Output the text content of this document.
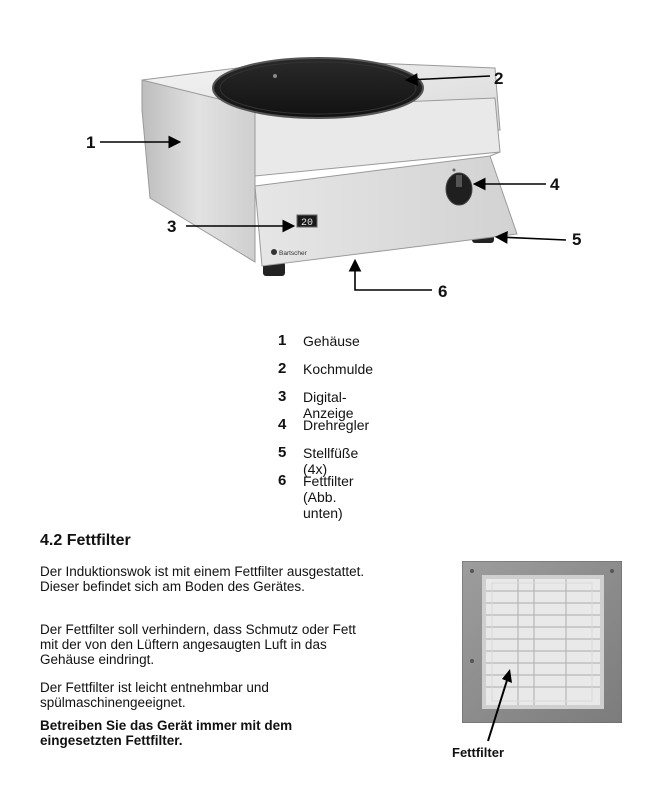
20
Bartscher
1
2
3
4
5
6
1 Gehäuse
2 Kochmulde
3 Digital-Anzeige
4 Drehregler
5 Stellfüße (4x)
6 Fettfilter (Abb. unten)
4.2 Fettfilter
Der Induktionswok ist mit einem Fettfilter ausgestattet. Dieser befindet sich am Boden des Gerätes.
Der Fettfilter soll verhindern, dass Schmutz oder Fett mit der von den Lüftern angesaugten Luft in das Gehäuse eindringt.
Der Fettfilter ist leicht entnehmbar und spülmaschinengeeignet.
Betreiben Sie das Gerät immer mit dem eingesetzten Fettfilter.
Fettfilter
